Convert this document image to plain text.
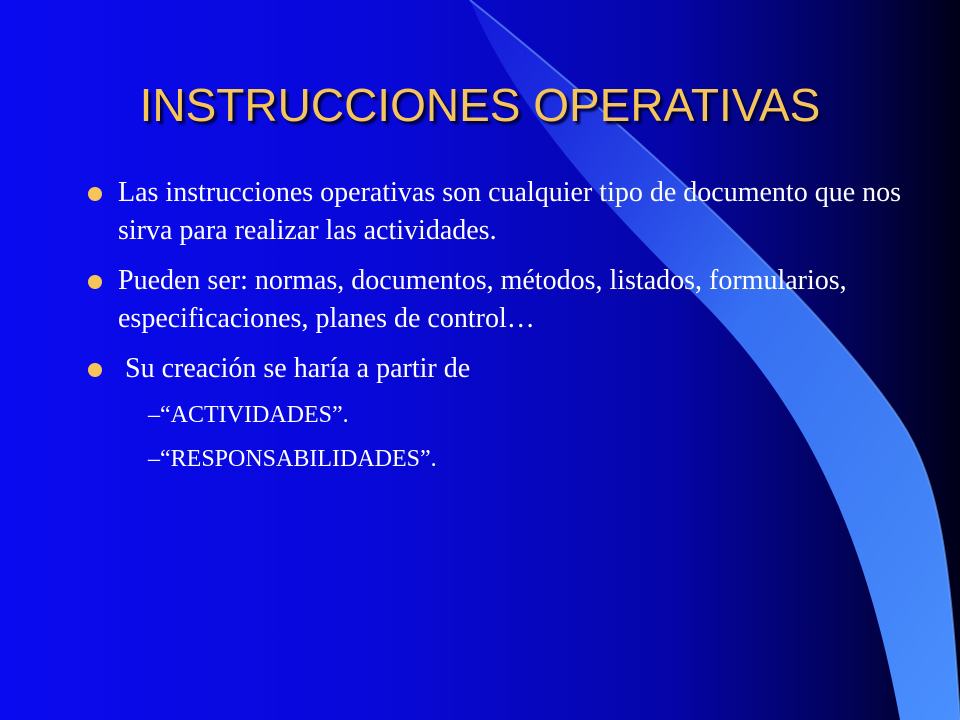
INSTRUCCIONES OPERATIVAS
Las instrucciones operativas son cualquier tipo de documento que nos sirva para realizar las actividades.
Pueden ser: normas, documentos, métodos, listados, formularios, especificaciones, planes de control…
Su creación se haría a partir de
–“ACTIVIDADES”.
–“RESPONSABILIDADES”.
